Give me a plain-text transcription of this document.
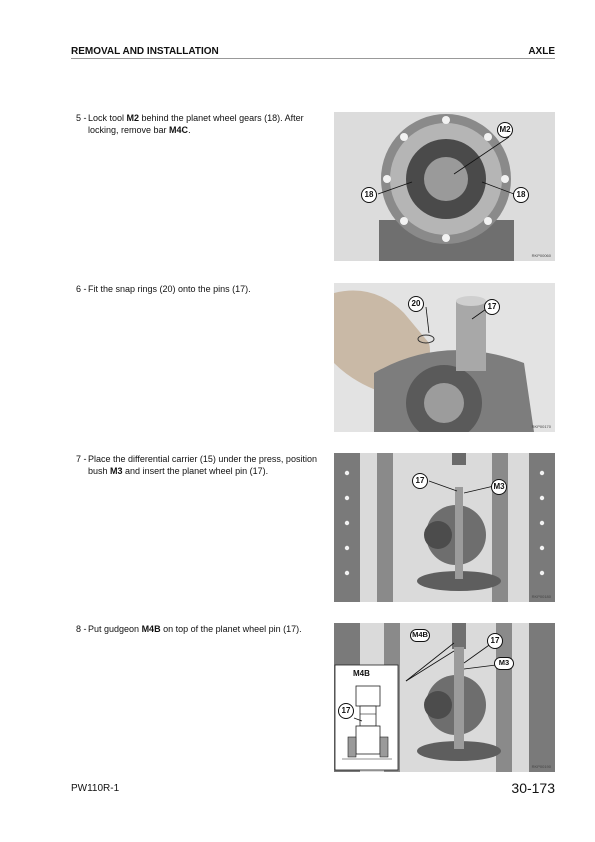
REMOVAL AND INSTALLATION	AXLE
5 - Lock tool M2 behind the planet wheel gears (18). After locking, remove bar M4C.
6 - Fit the snap rings (20) onto the pins (17).
7 - Place the differential carrier (15) under the press, position bush M3 and insert the planet wheel pin (17).
8 - Put gudgeon M4B on top of the planet wheel pin (17).
M2
18	18
RKP00060
20	17
RKP00170
17
M3
RKP00180
M4B
17
M3
M4B
17
RKP00190
PW110R-1	30-173
